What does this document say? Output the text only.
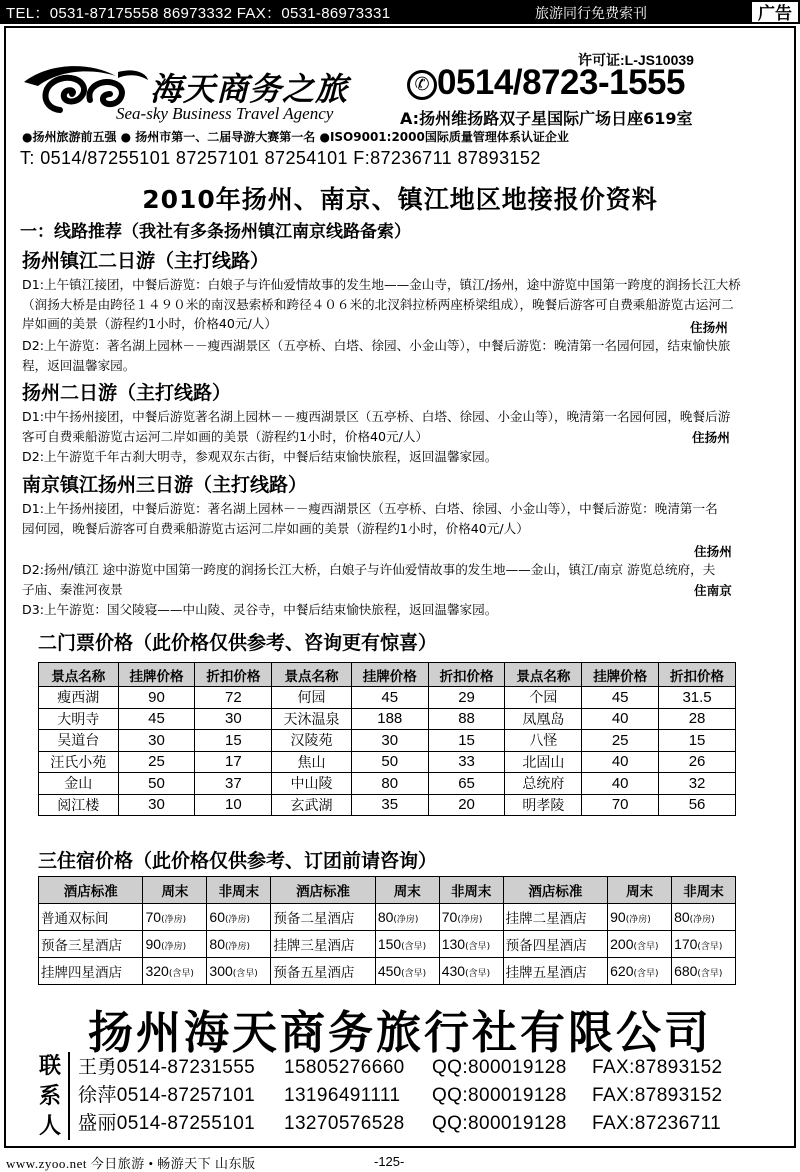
TEL：0531-87175558 86973332 FAX：0531-86973331	旅游同行免费索刊	广告
许可证:L-JS10039
海天商务之旅
Sea-sky Business Travel Agency
✆ 0514/8723-1555
A:扬州维扬路双子星国际广场日座619室
●扬州旅游前五强 ● 扬州市第一、二届导游大赛第一名 ●ISO9001:2000国际质量管理体系认证企业
T: 0514/87255101 87257101 87254101 F:87236711 87893152
2010年扬州、南京、镇江地区地接报价资料
一：线路推荐（我社有多条扬州镇江南京线路备索）
扬州镇江二日游（主打线路）
D1:上午镇江接团，中餐后游览：白娘子与许仙爱情故事的发生地——金山寺，镇江/扬州，途中游览中国第一跨度的润扬长江大桥（润扬大桥是由跨径１４９０米的南汊悬索桥和跨径４０６米的北汊斜拉桥两座桥梁组成），晚餐后游客可自费乘船游览古运河二岸如画的美景（游程约1小时，价格40元/人）	住扬州
D2:上午游览：著名湖上园林－－瘦西湖景区（五亭桥、白塔、徐园、小金山等），中餐后游览：晚清第一名园何园，结束愉快旅程，返回温馨家园。
扬州二日游（主打线路）
D1:中午扬州接团，中餐后游览著名湖上园林－－瘦西湖景区（五亭桥、白塔、徐园、小金山等），晚清第一名园何园，晚餐后游客可自费乘船游览古运河二岸如画的美景（游程约1小时，价格40元/人）	住扬州
D2:上午游览千年古刹大明寺，参观双东古街，中餐后结束愉快旅程，返回温馨家园。
南京镇江扬州三日游（主打线路）
D1:上午扬州接团，中餐后游览：著名湖上园林－－瘦西湖景区（五亭桥、白塔、徐园、小金山等），中餐后游览：晚清第一名园何园，晚餐后游客可自费乘船游览古运河二岸如画的美景（游程约1小时，价格40元/人）
住扬州
D2:扬州/镇江 途中游览中国第一跨度的润扬长江大桥，白娘子与许仙爱情故事的发生地——金山，镇江/南京 游览总统府，夫子庙、秦淮河夜景	住南京
D3:上午游览：国父陵寝——中山陵、灵谷寺，中餐后结束愉快旅程，返回温馨家园。
二门票价格（此价格仅供参考、咨询更有惊喜）
景点名称	挂牌价格	折扣价格	景点名称	挂牌价格	折扣价格	景点名称	挂牌价格	折扣价格
瘦西湖	90	72	何园	45	29	个园	45	31.5
大明寺	45	30	天沐温泉	188	88	凤凰岛	40	28
吴道台	30	15	汉陵苑	30	15	八怪	25	15
汪氏小苑	25	17	焦山	50	33	北固山	40	26
金山	50	37	中山陵	80	65	总统府	40	32
阅江楼	30	10	玄武湖	35	20	明孝陵	70	56
三住宿价格（此价格仅供参考、订团前请咨询）
酒店标准	周末	非周末	酒店标准	周末	非周末	酒店标准	周末	非周末
普通双标间	70(净房)	60(净房)	预备二星酒店	80(净房)	70(净房)	挂牌二星酒店	90(净房)	80(净房)
预备三星酒店	90(净房)	80(净房)	挂牌三星酒店	150(含早)	130(含早)	预备四星酒店	200(含早)	170(含早)
挂牌四星酒店	320(含早)	300(含早)	预备五星酒店	450(含早)	430(含早)	挂牌五星酒店	620(含早)	680(含早)
扬州海天商务旅行社有限公司
联
系
人
王勇0514-87231555 15805276660 QQ:800019128 FAX:87893152
徐萍0514-87257101 13196491111 QQ:800019128 FAX:87893152
盛丽0514-87255101 13270576528 QQ:800019128 FAX:87236711
www.zyoo.net 今日旅游 • 畅游天下 山东版	-125-
